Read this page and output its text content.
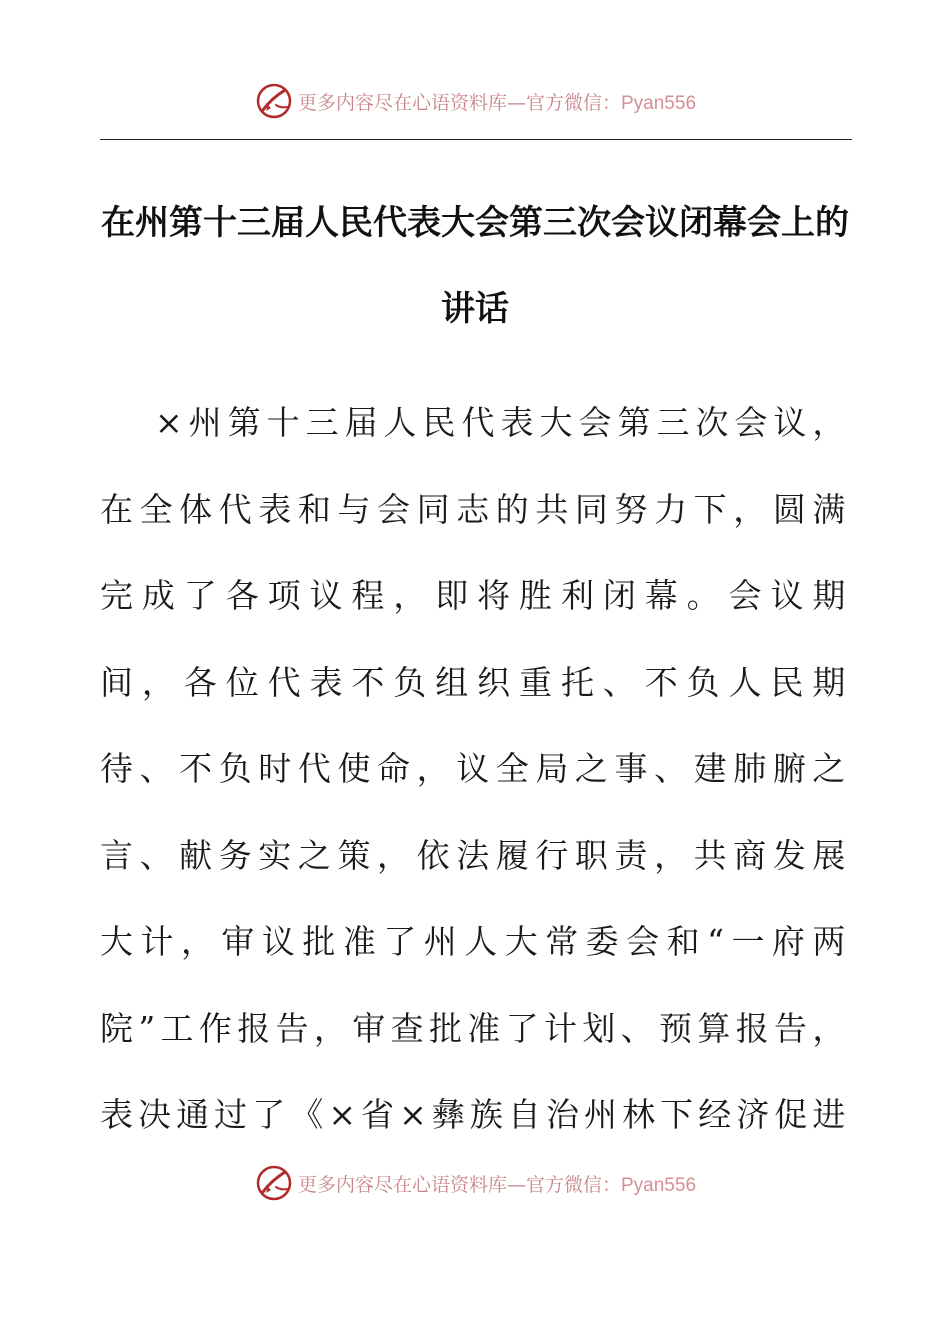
更多内容尽在心语资料库—官方微信：Pyan556
在州第十三届人民代表大会第三次会议闭幕会上的讲话

×州第十三届人民代表大会第三次会议，在全体代表和与会同志的共同努力下，圆满完成了各项议程，即将胜利闭幕。会议期间，各位代表不负组织重托、不负人民期待、不负时代使命，议全局之事、建肺腑之言、献务实之策，依法履行职责，共商发展大计，审议批准了州人大常委会和“一府两院”工作报告，审查批准了计划、预算报告，表决通过了《×省×彝族自治州林下经济促进

更多内容尽在心语资料库—官方微信：Pyan556
